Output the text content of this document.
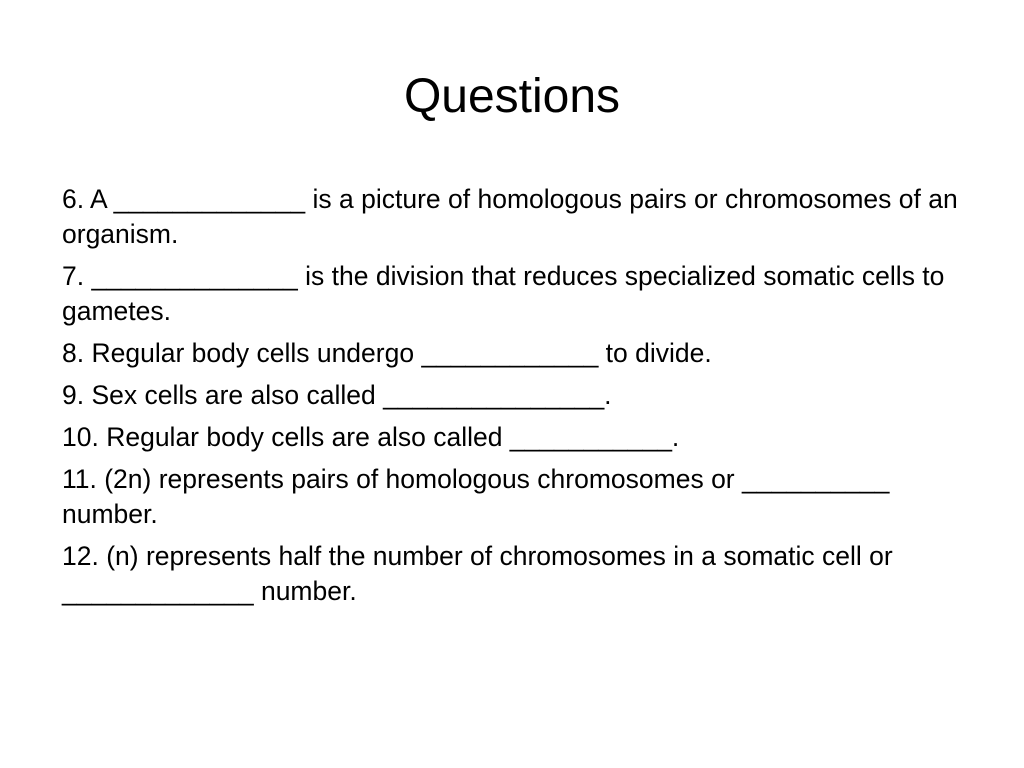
Questions
6. A _____________ is a picture of homologous pairs or chromosomes of an organism.
7. ______________ is the division that reduces specialized somatic cells to gametes.
8. Regular body cells undergo ____________ to divide.
9. Sex cells are also called _______________.
10. Regular body cells are also called ___________.
11. (2n) represents pairs of homologous chromosomes or __________ number.
12. (n) represents half the number of chromosomes in a somatic cell or _____________ number.
